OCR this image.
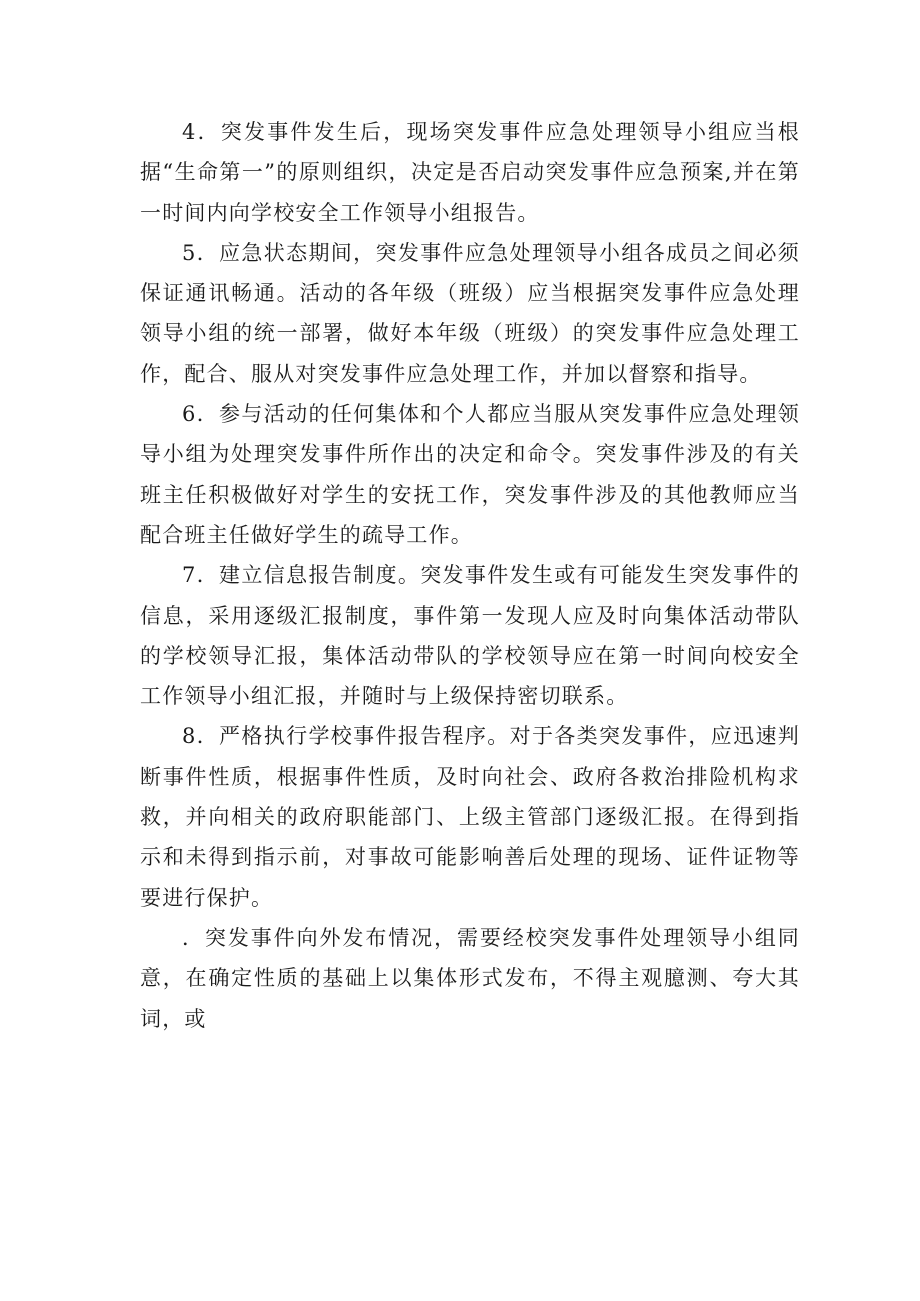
4．突发事件发生后，现场突发事件应急处理领导小组应当根据“生命第一”的原则组织，决定是否启动突发事件应急预案,并在第一时间内向学校安全工作领导小组报告。

5．应急状态期间，突发事件应急处理领导小组各成员之间必须保证通讯畅通。活动的各年级（班级）应当根据突发事件应急处理领导小组的统一部署，做好本年级（班级）的突发事件应急处理工作，配合、服从对突发事件应急处理工作，并加以督察和指导。

6．参与活动的任何集体和个人都应当服从突发事件应急处理领导小组为处理突发事件所作出的决定和命令。突发事件涉及的有关班主任积极做好对学生的安抚工作，突发事件涉及的其他教师应当配合班主任做好学生的疏导工作。

7．建立信息报告制度。突发事件发生或有可能发生突发事件的信息，采用逐级汇报制度，事件第一发现人应及时向集体活动带队的学校领导汇报，集体活动带队的学校领导应在第一时间向校安全工作领导小组汇报，并随时与上级保持密切联系。

8．严格执行学校事件报告程序。对于各类突发事件，应迅速判断事件性质，根据事件性质，及时向社会、政府各救治排险机构求救，并向相关的政府职能部门、上级主管部门逐级汇报。在得到指示和未得到指示前，对事故可能影响善后处理的现场、证件证物等要进行保护。

．突发事件向外发布情况，需要经校突发事件处理领导小组同意，在确定性质的基础上以集体形式发布，不得主观臆测、夸大其词，或
